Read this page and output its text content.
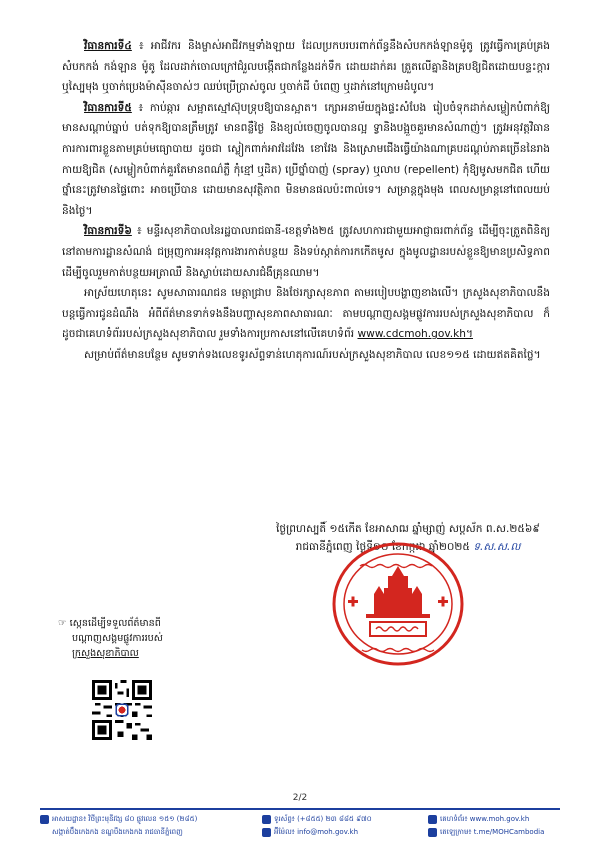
វិធានការទី៤ ៖ អាជីវករ និងម្ចាស់អាជីវកម្មទាំងឡាយ ដែលប្រកបរបរពាក់ព័ន្ធនឹងសំបកកង់ឡានម៉ូតូ ត្រូវធ្វើការគ្រប់គ្រងសំបកកង់ កង់ឡាន ម៉ូតូ ដែលដាក់ចោលក្រៅជំរួលបង្កើតជាកន្លែងដក់ទឹក ដោយដាក់គរ ត្រួតលើគ្នានិងគ្របឱ្យជិតដោយបន្ទះក្តារ ឬស្បៃមុង ឬចាក់ប្រេងម៉ាស៊ីនចាស់ៗ ឈប់ប្រើប្រាស់ចូល ឬចាក់ដី បំពេញ ឬដាក់នៅក្រោមដំបូល។

វិធានការទី៥ ៖ កាប់ឆ្ការ សម្អាតស្មៅស៊ុបទ្រុបឱ្យបានស្អាត។ ក្សោអនាម័យក្នុងផ្ទះសំបែង រៀបចំទុកដាក់សម្លៀកបំពាក់ឱ្យមានសណ្ដាប់ធ្នាប់ បត់ទុកឱ្យបានត្រឹមត្រូវ មានពន្លឺថ្ងៃ និងខ្យល់ចេញចូលបានល្អ ទ្វានិងបង្អួចគួរមានសំណាញ់។ ត្រូវអនុវត្តវិធានការការពារខ្លួនតាមគ្រប់មធ្យោបាយ ដូចជា ស្លៀកពាក់អាវដៃវែង ខោវែង និងស្រោមជើងធ្វើយ៉ាងណាគ្របដណ្ដប់ភាគច្រើននៃរាងកាយឱ្យជិត (សម្លៀកបំពាក់គួរតែមានពណ៌ភ្លឺ កុំខ្មៅ ឬដិត) ប្រើថ្នាំបាញ់ (spray) ឬលាប (repellent) កុំឱ្យមូសមកជិត ហើយថ្នាំនេះត្រូវមានផ្ទៃពោះ អាចប្រើបាន ដោយមានសុវត្ថិភាព មិនមានផលប៉ះពាល់ទេ។ សម្រាន្តក្នុងមុង ពេលសម្រាន្តនៅពេលយប់ និងថ្ងៃ។

វិធានការទី៦ ៖ មន្ទីរសុខាភិបាលនៃរដ្ឋបាលរាជធានី-ខេត្តទាំង២៥ ត្រូវសហការជាមួយអាជ្ញាធរពាក់ព័ន្ធ ដើម្បីចុះត្រួតពិនិត្យនៅតាមការដ្ឋានសំណង់ ជម្រុញការអនុវត្តការងារកាត់បន្ថយ និងទប់ស្កាត់ការកកើតមូស ក្នុងមូលដ្ឋានរបស់ខ្លួនឱ្យមានប្រសិទ្ធភាព ដើម្បីចូលរួមកាត់បន្ថយអត្រាឈឺ និងស្លាប់ដោយសារជំងឺគ្រុនឈាម។

អាស្រ័យហេតុនេះ សូមសាធារណជន មេត្តាជ្រាប និងថែរក្សាសុខភាព តាមរបៀបបង្ហាញខាងលើ។ ក្រសួងសុខាភិបាលនឹងបន្តធ្វើការជូនដំណឹង អំពីព័ត៌មានទាក់ទងនឹងបញ្ហាសុខភាពសាធារណៈ តាមបណ្ដាញសង្គមផ្លូវការរបស់ក្រសួងសុខាភិបាល ក៏ដូចជាគេហទំព័ររបស់ក្រសួងសុខាភិបាល រួមទាំងការប្រកាសនៅលើគេហទំព័រ www.cdcmoh.gov.kh។

សម្រាប់ព័ត៌មានបន្ថែម សូមទាក់ទងលេខទូរស័ព្ទទាន់ហេតុការណ៍របស់ក្រសួងសុខាភិបាល លេខ១១៥ ដោយឥតគិតថ្លៃ។

ថ្ងៃព្រហស្បតិ៍ ១៥កើត ខែអាសាឍ ឆ្នាំម្សាញ់ សប្តស័ក ព.ស.២៥៦៩
រាជធានីភ្នំពេញ ថ្ងៃទី១០ ខែកក្កដា ឆ្នាំ២០២៥ ទ.ស.ស.ល
☞ ស្កេនដើម្បីទទួលព័ត៌មានពី
បណ្តាញសង្គមផ្លូវការរបស់
ក្រសួងសុខាភិបាល
2/2
អាសយដ្ឋាន៖ វិថីព្រះមុនីវង្ស ៨០ ផ្លូវលេខ ១៥១ (២៨៥)
សង្កាត់ប៊ឹងកេងកង ខណ្ឌបឹងកេងកង រាជធានីភ្នំពេញ
ទូរស័ព្ទ៖ (+៨៥៥) ២៣ ៨៨៥ ៩៧០
អ៊ីម៉ែល៖ info@moh.gov.kh
គេហទំព័រ៖ www.moh.gov.kh
តេឡេក្រាម៖ t.me/MOHCambodia
